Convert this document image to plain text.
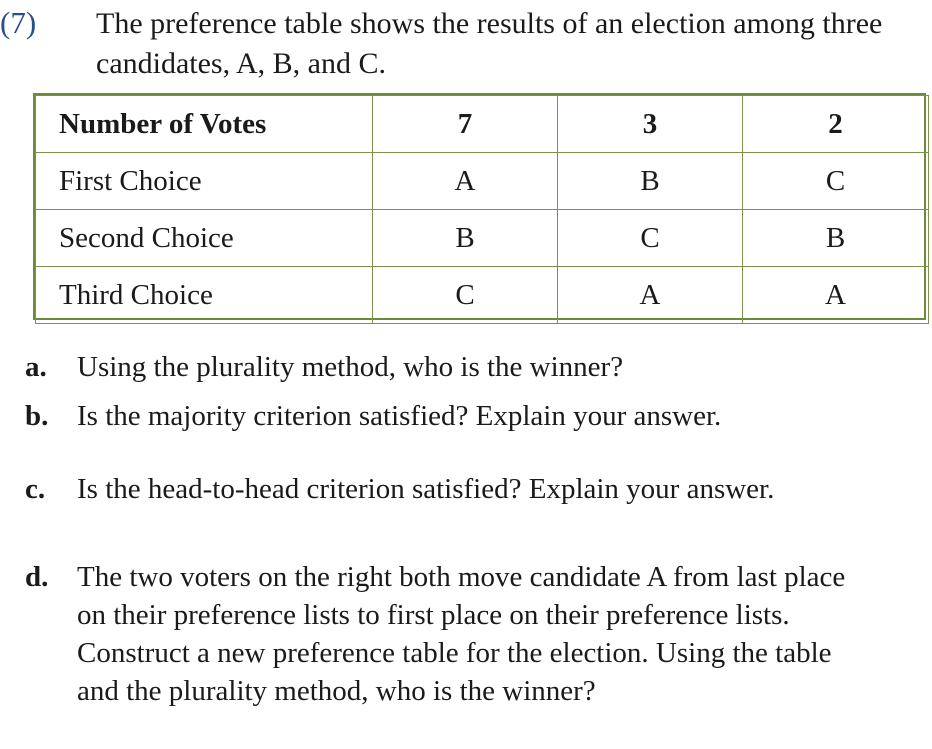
(7) The preference table shows the results of an election among three candidates, A, B, and C.
Number of Votes	7	3	2
First Choice	A	B	C
Second Choice	B	C	B
Third Choice	C	A	A
a.	Using the plurality method, who is the winner?
b. Is the majority criterion satisfied? Explain your answer.
c.	Is the head-to-head criterion satisfied? Explain your answer.
d. The two voters on the right both move candidate A from last place on their preference lists to first place on their preference lists. Construct a new preference table for the election. Using the table and the plurality method, who is the winner?
